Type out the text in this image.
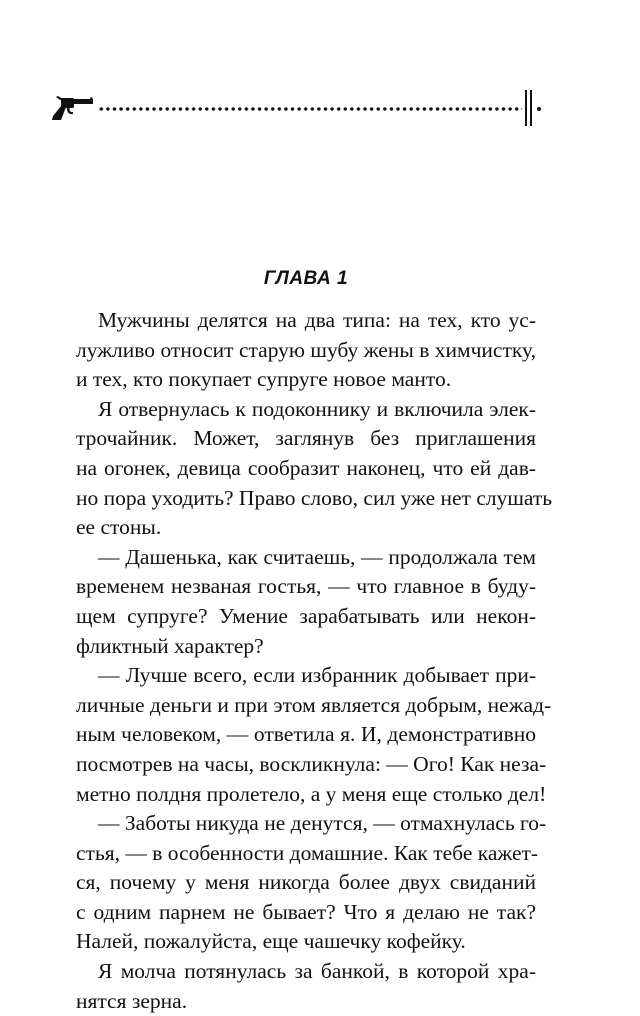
ГЛАВА 1

Мужчины делятся на два типа: на тех, кто ус-
лужливо относит старую шубу жены в химчистку,
и тех, кто покупает супруге новое манто.

Я отвернулась к подоконнику и включила элек-
трочайник. Может, заглянув без приглашения
на огонек, девица сообразит наконец, что ей дав-
но пора уходить? Право слово, сил уже нет слушать
ее стоны.

— Дашенька, как считаешь, — продолжала тем
временем незваная гостья, — что главное в буду-
щем супруге? Умение зарабатывать или некон-
фликтный характер?

— Лучше всего, если избранник добывает при-
личные деньги и при этом является добрым, нежад-
ным человеком, — ответила я. И, демонстративно
посмотрев на часы, воскликнула: — Ого! Как неза-
метно полдня пролетело, а у меня еще столько дел!

— Заботы никуда не денутся, — отмахнулась го-
стья, — в особенности домашние. Как тебе кажет-
ся, почему у меня никогда более двух свиданий
с одним парнем не бывает? Что я делаю не так?
Налей, пожалуйста, еще чашечку кофейку.

Я молча потянулась за банкой, в которой хра-
нятся зерна.
